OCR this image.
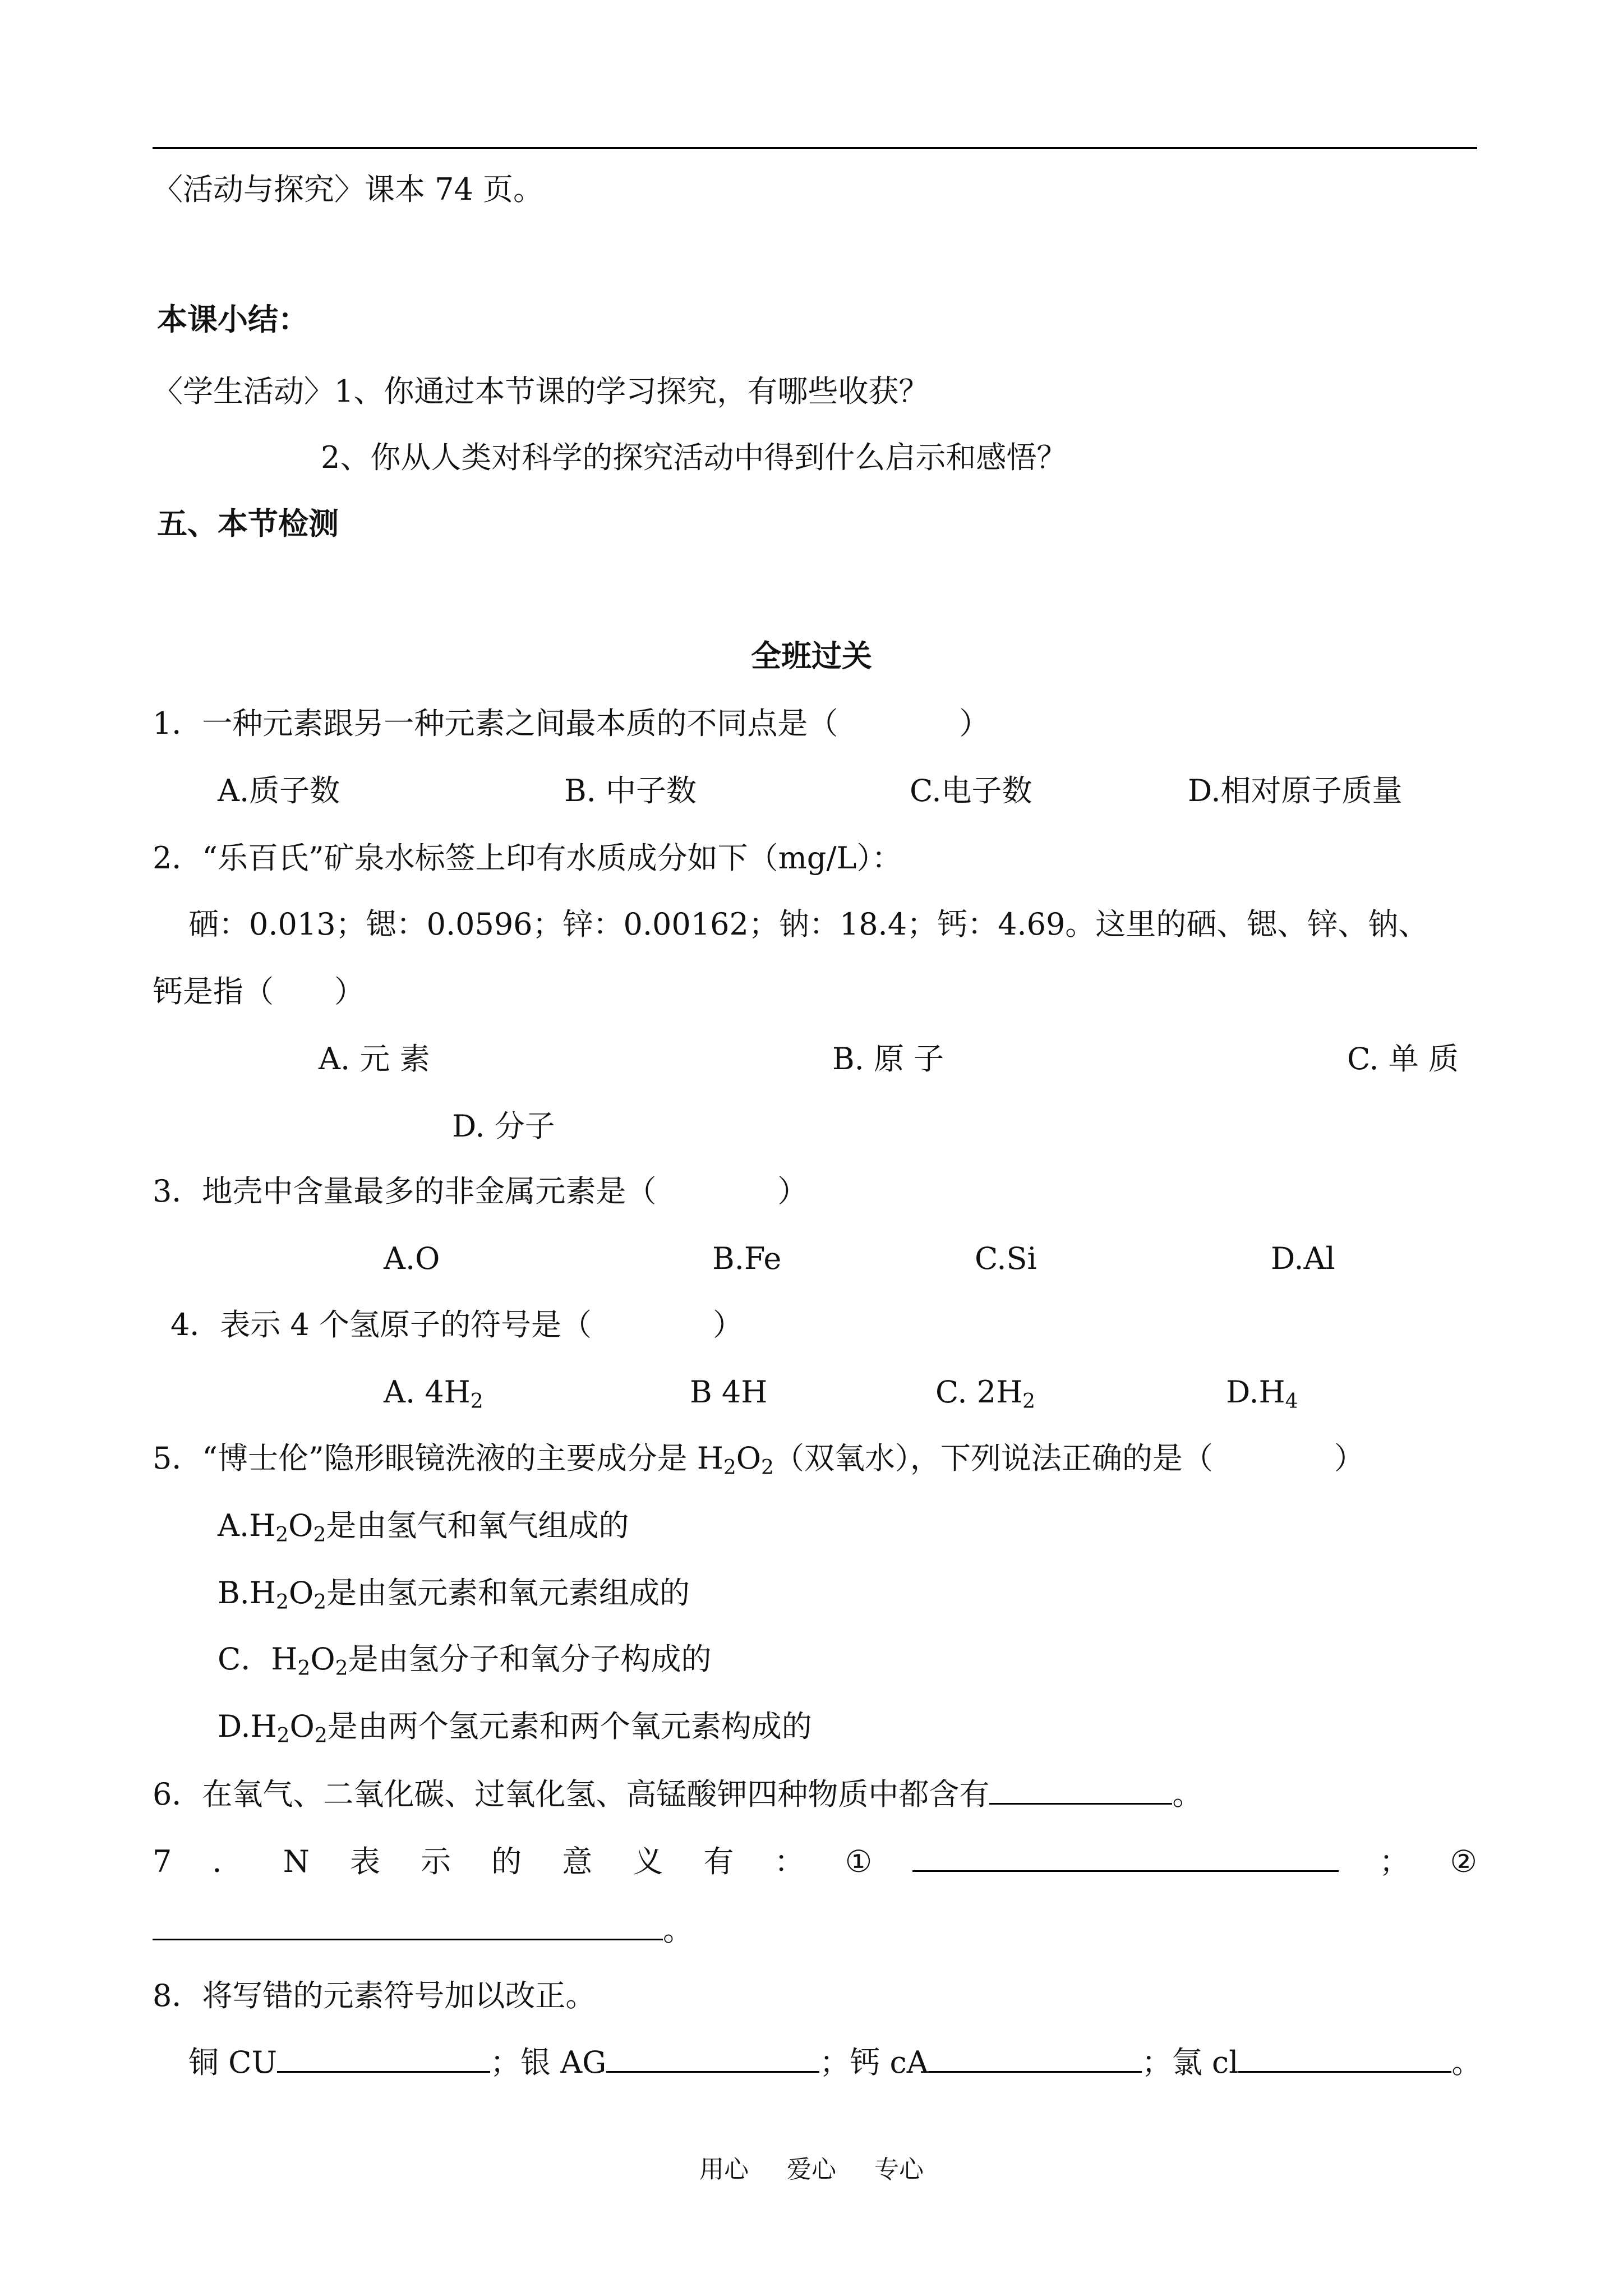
〈活动与探究〉课本 74 页。
本课小结：
〈学生活动〉1、你通过本节课的学习探究，有哪些收获？
2、你从人类对科学的探究活动中得到什么启示和感悟？
五、本节检测
全班过关
1．一种元素跟另一种元素之间最本质的不同点是（　　　　）
A.质子数	B. 中子数	C.电子数	D.相对原子质量
2．“乐百氏”矿泉水标签上印有水质成分如下（mg/L）：
硒：0.013；锶：0.0596；锌：0.00162；钠：18.4；钙：4.69。这里的硒、锶、锌、钠、
钙是指（　　）
A. 元 素	B. 原 子	C. 单 质
D. 分子
3．地壳中含量最多的非金属元素是（　　　　）
A.O	B.Fe	C.Si	D.Al
4．表示 4 个氢原子的符号是（　　　　）
A. $4H_2$	B 4H	C. $2H_2$	$D.H_4$
5．“博士伦”隐形眼镜洗液的主要成分是 $H_2O_2$（双氧水），下列说法正确的是（　　　　）
$A.H_2O_2$是由氢气和氧气组成的
$B.H_2O_2$是由氢元素和氧元素组成的
C．$H_2O_2$是由氢分子和氧分子构成的
$D.H_2O_2$是由两个氢元素和两个氧元素构成的
6．在氧气、二氧化碳、过氧化氢、高锰酸钾四种物质中都含有	。
7 ． N 表 示 的 意 义 有 ： ①	； ②
。
8．将写错的元素符号加以改正。
铜 CU	；银 AG	；钙 cA	；氯 cl	。
用心 爱心 专心
